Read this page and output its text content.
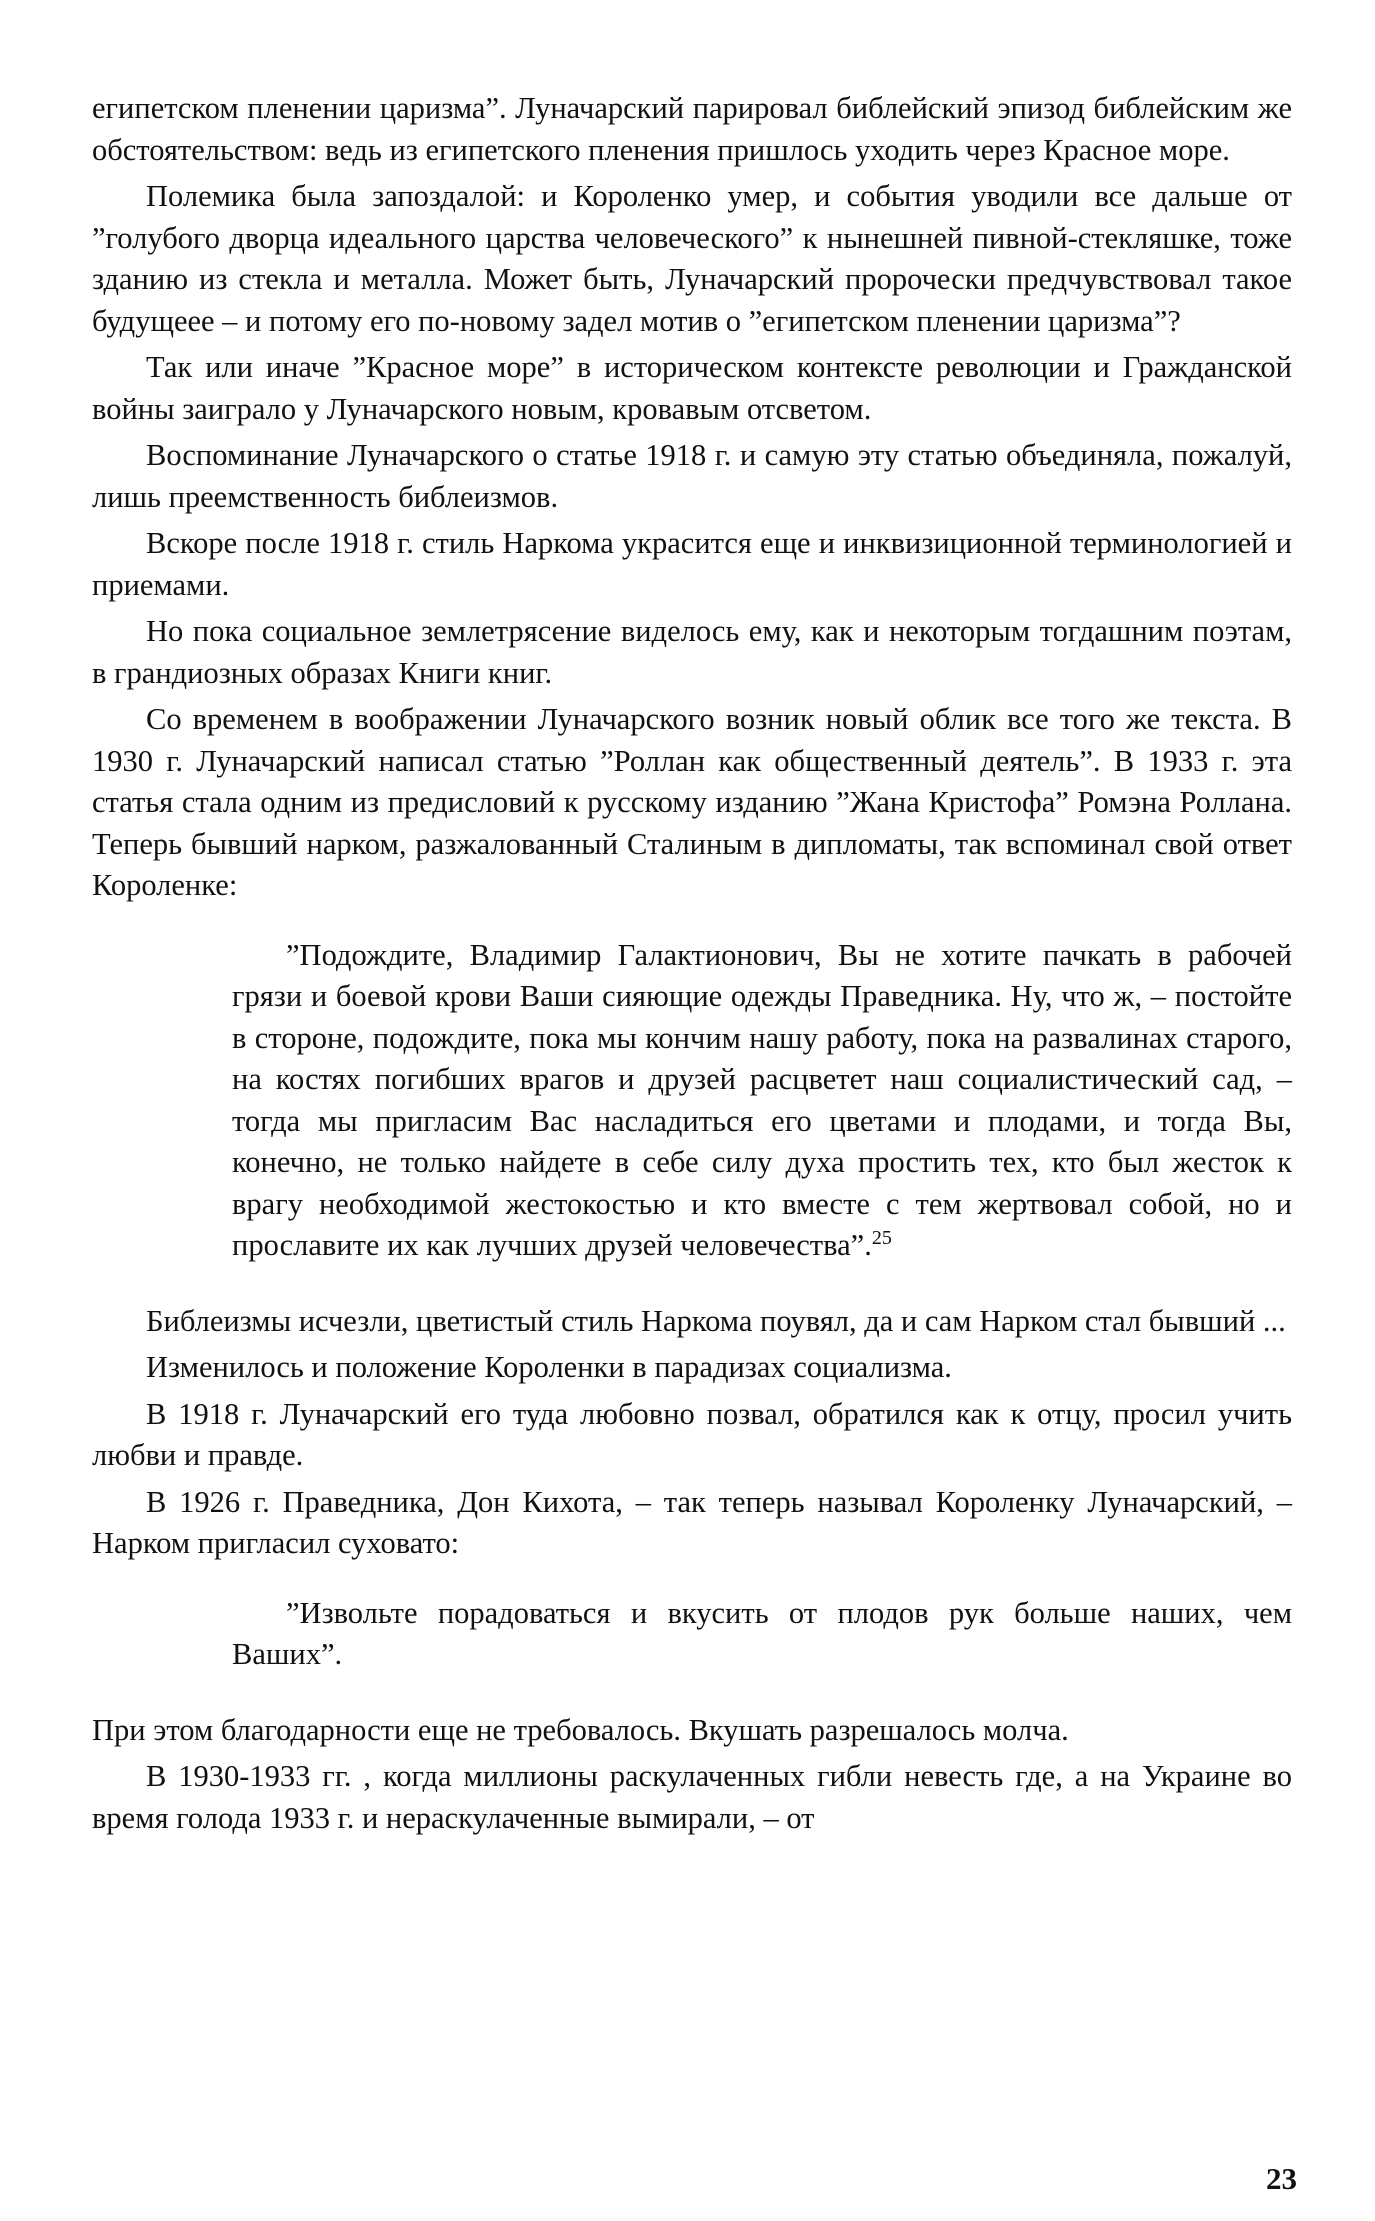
египетском пленении царизма”. Луначарский парировал библейский эпизод библейским же обстоятельством: ведь из египетского пленения пришлось уходить через Красное море.

Полемика была запоздалой: и Короленко умер, и события уводили все дальше от ”голубого дворца идеального царства человеческого” к нынешней пивной-стекляшке, тоже зданию из стекла и металла. Может быть, Луначарский пророчески предчувствовал такое будущеее – и потому его по-новому задел мотив о ”египетском пленении царизма”?

Так или иначе ”Красное море” в историческом контексте революции и Гражданской войны заиграло у Луначарского новым, кровавым отсветом.

Воспоминание Луначарского о статье 1918 г. и самую эту статью объединяла, пожалуй, лишь преемственность библеизмов.

Вскоре после 1918 г. стиль Наркома украсится еще и инквизиционной терминологией и приемами.

Но пока социальное землетрясение виделось ему, как и некоторым тогдашним поэтам, в грандиозных образах Книги книг.

Со временем в воображении Луначарского возник новый облик все того же текста. В 1930 г. Луначарский написал статью ”Роллан как общественный деятель”. В 1933 г. эта статья стала одним из предисловий к русскому изданию ”Жана Кристофа” Ромэна Роллана. Теперь бывший нарком, разжалованный Сталиным в дипломаты, так вспоминал свой ответ Короленке:

”Подождите, Владимир Галактионович, Вы не хотите пачкать в рабочей грязи и боевой крови Ваши сияющие одежды Праведника. Ну, что ж, – постойте в стороне, подождите, пока мы кончим нашу работу, пока на развалинах старого, на костях погибших врагов и друзей расцветет наш социалистический сад, – тогда мы пригласим Вас насладиться его цветами и плодами, и тогда Вы, конечно, не только найдете в себе силу духа простить тех, кто был жесток к врагу необходимой жестокостью и кто вместе с тем жертвовал собой, но и прославите их как лучших друзей человечества”.$^{25}$

Библеизмы исчезли, цветистый стиль Наркома поувял, да и сам Нарком стал бывший ...

Изменилось и положение Короленки в парадизах социализма.

В 1918 г. Луначарский его туда любовно позвал, обратился как к отцу, просил учить любви и правде.

В 1926 г. Праведника, Дон Кихота, – так теперь называл Короленку Луначарский, – Нарком пригласил суховато:

”Извольте порадоваться и вкусить от плодов рук больше наших, чем Ваших”.

При этом благодарности еще не требовалось. Вкушать разрешалось молча.

В 1930-1933 гг. , когда миллионы раскулаченных гибли невесть где, а на Украине во время голода 1933 г. и нераскулаченные вымирали, – от

23
